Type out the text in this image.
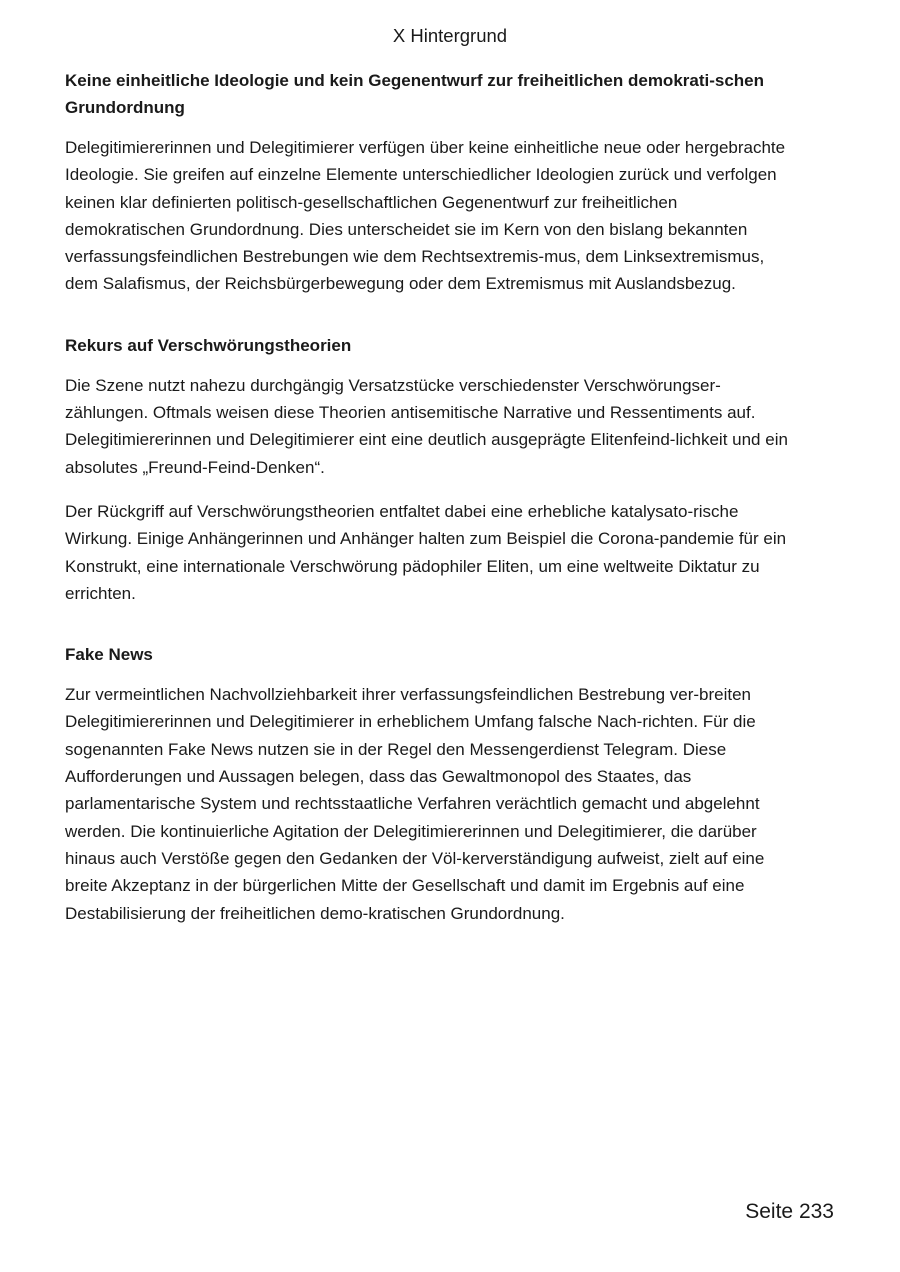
X Hintergrund
Keine einheitliche Ideologie und kein Gegenentwurf zur freiheitlichen demokrati-schen Grundordnung

Delegitimiererinnen und Delegitimierer verfügen über keine einheitliche neue oder hergebrachte Ideologie. Sie greifen auf einzelne Elemente unterschiedlicher Ideologien zurück und verfolgen keinen klar definierten politisch-gesellschaftlichen Gegenentwurf zur freiheitlichen demokratischen Grundordnung. Dies unterscheidet sie im Kern von den bislang bekannten verfassungsfeindlichen Bestrebungen wie dem Rechtsextremis-mus, dem Linksextremismus, dem Salafismus, der Reichsbürgerbewegung oder dem Extremismus mit Auslandsbezug.

Rekurs auf Verschwörungstheorien

Die Szene nutzt nahezu durchgängig Versatzstücke verschiedenster Verschwörungser-zählungen. Oftmals weisen diese Theorien antisemitische Narrative und Ressentiments auf. Delegitimiererinnen und Delegitimierer eint eine deutlich ausgeprägte Elitenfeind-lichkeit und ein absolutes „Freund-Feind-Denken“.

Der Rückgriff auf Verschwörungstheorien entfaltet dabei eine erhebliche katalysato-rische Wirkung. Einige Anhängerinnen und Anhänger halten zum Beispiel die Corona-pandemie für ein Konstrukt, eine internationale Verschwörung pädophiler Eliten, um eine weltweite Diktatur zu errichten.

Fake News

Zur vermeintlichen Nachvollziehbarkeit ihrer verfassungsfeindlichen Bestrebung ver-breiten Delegitimiererinnen und Delegitimierer in erheblichem Umfang falsche Nach-richten. Für die sogenannten Fake News nutzen sie in der Regel den Messengerdienst Telegram. Diese Aufforderungen und Aussagen belegen, dass das Gewaltmonopol des Staates, das parlamentarische System und rechtsstaatliche Verfahren verächtlich gemacht und abgelehnt werden. Die kontinuierliche Agitation der Delegitimiererinnen und Delegitimierer, die darüber hinaus auch Verstöße gegen den Gedanken der Völ-kerverständigung aufweist, zielt auf eine breite Akzeptanz in der bürgerlichen Mitte der Gesellschaft und damit im Ergebnis auf eine Destabilisierung der freiheitlichen demo-kratischen Grundordnung.

Seite 233
